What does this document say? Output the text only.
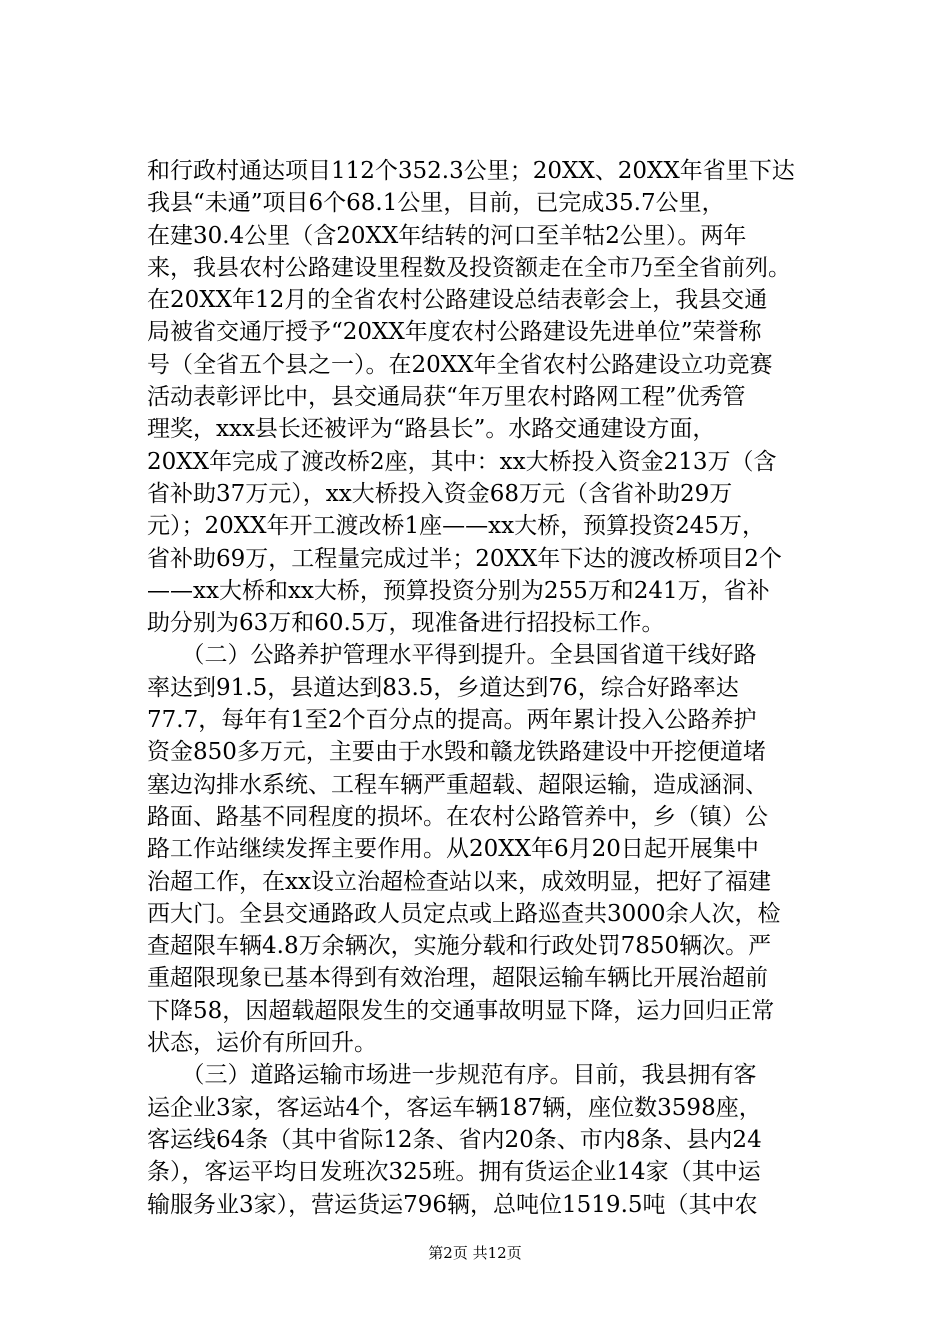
和行政村通达项目112个352.3公里；20XX、20XX年省里下达
我县“未通”项目6个68.1公里，目前，已完成35.7公里，
在建30.4公里（含20XX年结转的河口至羊牯2公里）。两年
来，我县农村公路建设里程数及投资额走在全市乃至全省前列。
在20XX年12月的全省农村公路建设总结表彰会上，我县交通
局被省交通厅授予“20XX年度农村公路建设先进单位”荣誉称
号（全省五个县之一）。在20XX年全省农村公路建设立功竞赛
活动表彰评比中，县交通局获“年万里农村路网工程”优秀管
理奖，xxx县长还被评为“路县长”。水路交通建设方面，
20XX年完成了渡改桥2座，其中：xx大桥投入资金213万（含
省补助37万元），xx大桥投入资金68万元（含省补助29万
元）；20XX年开工渡改桥1座——xx大桥，预算投资245万，
省补助69万，工程量完成过半；20XX年下达的渡改桥项目2个
——xx大桥和xx大桥，预算投资分别为255万和241万，省补
助分别为63万和60.5万，现准备进行招投标工作。
　　（二）公路养护管理水平得到提升。全县国省道干线好路
率达到91.5，县道达到83.5，乡道达到76，综合好路率达
77.7，每年有1至2个百分点的提高。两年累计投入公路养护
资金850多万元，主要由于水毁和赣龙铁路建设中开挖便道堵
塞边沟排水系统、工程车辆严重超载、超限运输，造成涵洞、
路面、路基不同程度的损坏。在农村公路管养中，乡（镇）公
路工作站继续发挥主要作用。从20XX年6月20日起开展集中
治超工作，在xx设立治超检查站以来，成效明显，把好了福建
西大门。全县交通路政人员定点或上路巡查共3000余人次，检
查超限车辆4.8万余辆次，实施分载和行政处罚7850辆次。严
重超限现象已基本得到有效治理，超限运输车辆比开展治超前
下降58，因超载超限发生的交通事故明显下降，运力回归正常
状态，运价有所回升。
　　（三）道路运输市场进一步规范有序。目前，我县拥有客
运企业3家，客运站4个，客运车辆187辆，座位数3598座，
客运线64条（其中省际12条、省内20条、市内8条、县内24
条），客运平均日发班次325班。拥有货运企业14家（其中运
输服务业3家），营运货运796辆，总吨位1519.5吨（其中农
第2页 共12页
